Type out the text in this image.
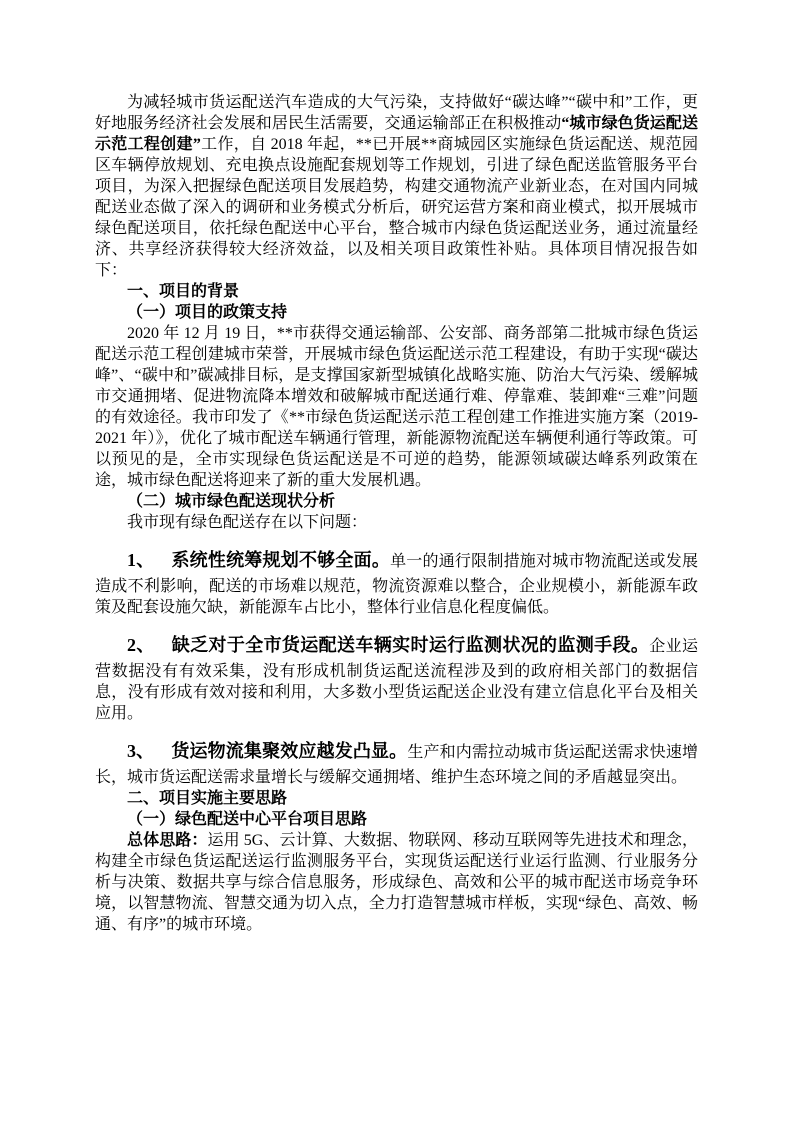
为减轻城市货运配送汽车造成的大气污染，支持做好“碳达峰”“碳中和”工作，更好地服务经济社会发展和居民生活需要，交通运输部正在积极推动“城市绿色货运配送示范工程创建”工作，自 2018 年起，**已开展**商城园区实施绿色货运配送、规范园区车辆停放规划、充电换点设施配套规划等工作规划，引进了绿色配送监管服务平台项目，为深入把握绿色配送项目发展趋势，构建交通物流产业新业态，在对国内同城配送业态做了深入的调研和业务模式分析后，研究运营方案和商业模式，拟开展城市绿色配送项目，依托绿色配送中心平台，整合城市内绿色货运配送业务，通过流量经济、共享经济获得较大经济效益，以及相关项目政策性补贴。具体项目情况报告如下：

一、项目的背景

（一）项目的政策支持

2020 年 12 月 19 日，**市获得交通运输部、公安部、商务部第二批城市绿色货运配送示范工程创建城市荣誉，开展城市绿色货运配送示范工程建设，有助于实现“碳达峰”、“碳中和”碳减排目标，是支撑国家新型城镇化战略实施、防治大气污染、缓解城市交通拥堵、促进物流降本增效和破解城市配送通行难、停靠难、装卸难“三难”问题的有效途径。我市印发了《**市绿色货运配送示范工程创建工作推进实施方案（2019-2021 年）》，优化了城市配送车辆通行管理，新能源物流配送车辆便利通行等政策。可以预见的是，全市实现绿色货运配送是不可逆的趋势，能源领域碳达峰系列政策在途，城市绿色配送将迎来了新的重大发展机遇。

（二）城市绿色配送现状分析

我市现有绿色配送存在以下问题：

1、 系统性统筹规划不够全面。单一的通行限制措施对城市物流配送或发展造成不利影响，配送的市场难以规范，物流资源难以整合，企业规模小，新能源车政策及配套设施欠缺，新能源车占比小，整体行业信息化程度偏低。

2、 缺乏对于全市货运配送车辆实时运行监测状况的监测手段。企业运营数据没有有效采集，没有形成机制货运配送流程涉及到的政府相关部门的数据信息，没有形成有效对接和利用，大多数小型货运配送企业没有建立信息化平台及相关应用。

3、 货运物流集聚效应越发凸显。生产和内需拉动城市货运配送需求快速增长，城市货运配送需求量增长与缓解交通拥堵、维护生态环境之间的矛盾越显突出。

二、项目实施主要思路

（一）绿色配送中心平台项目思路

总体思路：运用 5G、云计算、大数据、物联网、移动互联网等先进技术和理念，构建全市绿色货运配送运行监测服务平台，实现货运配送行业运行监测、行业服务分析与决策、数据共享与综合信息服务，形成绿色、高效和公平的城市配送市场竞争环境，以智慧物流、智慧交通为切入点，全力打造智慧城市样板，实现“绿色、高效、畅通、有序”的城市环境。
